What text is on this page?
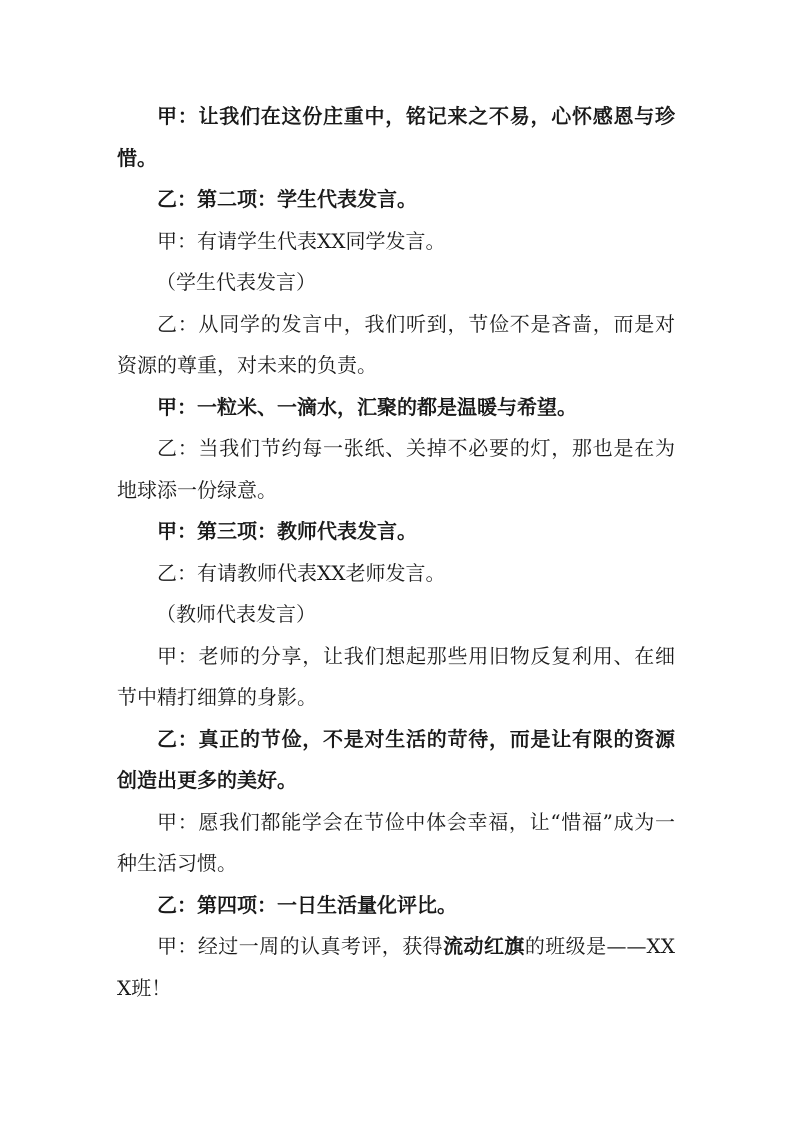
甲：让我们在这份庄重中，铭记来之不易，心怀感恩与珍惜。

乙：第二项：学生代表发言。

甲：有请学生代表XX同学发言。

（学生代表发言）

乙：从同学的发言中，我们听到，节俭不是吝啬，而是对资源的尊重，对未来的负责。

甲：一粒米、一滴水，汇聚的都是温暖与希望。

乙：当我们节约每一张纸、关掉不必要的灯，那也是在为地球添一份绿意。

甲：第三项：教师代表发言。

乙：有请教师代表XX老师发言。

（教师代表发言）

甲：老师的分享，让我们想起那些用旧物反复利用、在细节中精打细算的身影。

乙：真正的节俭，不是对生活的苛待，而是让有限的资源创造出更多的美好。

甲：愿我们都能学会在节俭中体会幸福，让“惜福”成为一种生活习惯。

乙：第四项：一日生活量化评比。

甲：经过一周的认真考评，获得流动红旗的班级是——XXX班！
